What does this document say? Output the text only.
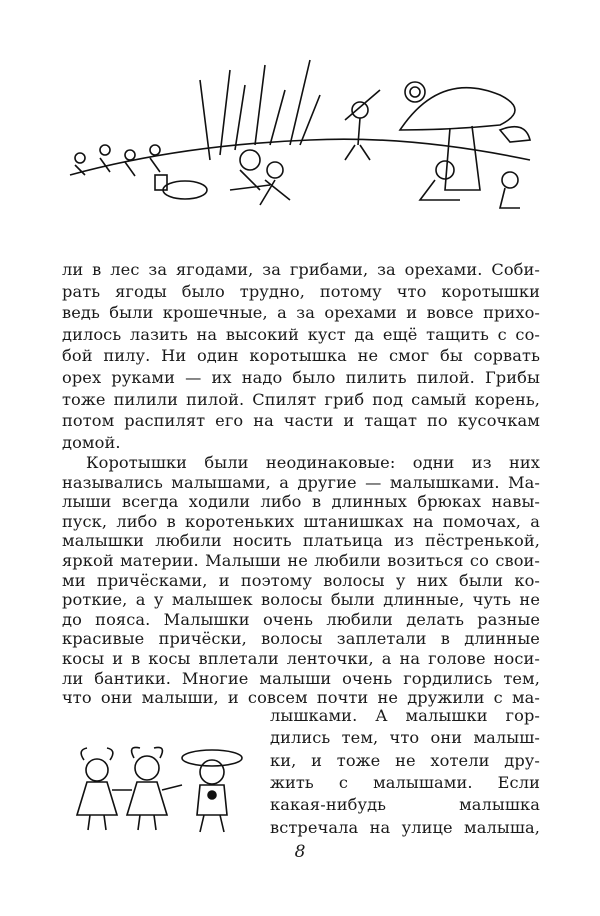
ли в лес за ягодами, за грибами, за орехами. Соби-
рать ягоды было трудно, потому что коротышки
ведь были крошечные, а за орехами и вовсе прихо-
дилось лазить на высокий куст да ещё тащить с со-
бой пилу. Ни один коротышка не смог бы сорвать
орех руками — их надо было пилить пилой. Грибы
тоже пилили пилой. Спилят гриб под самый корень,
потом распилят его на части и тащат по кусочкам
домой.
Коротышки были неодинаковые: одни из них
назывались малышами, а другие — малышками. Ма-
лыши всегда ходили либо в длинных брюках навы-
пуск, либо в коротеньких штанишках на помочах, а
малышки любили носить платьица из пёстренькой,
яркой материи. Малыши не любили возиться со свои-
ми причёсками, и поэтому волосы у них были ко-
роткие, а у малышек волосы были длинные, чуть не
до пояса. Малышки очень любили делать разные
красивые причёски, волосы заплетали в длинные
косы и в косы вплетали ленточки, а на голове носи-
ли бантики. Многие малыши очень гордились тем,
что они малыши, и совсем почти не дружили с ма-
лышками. А малышки гор-
дились тем, что они малыш-
ки, и тоже не хотели дру-
жить с малышами. Если
какая-нибудь малышка
встречала на улице малыша,
8
